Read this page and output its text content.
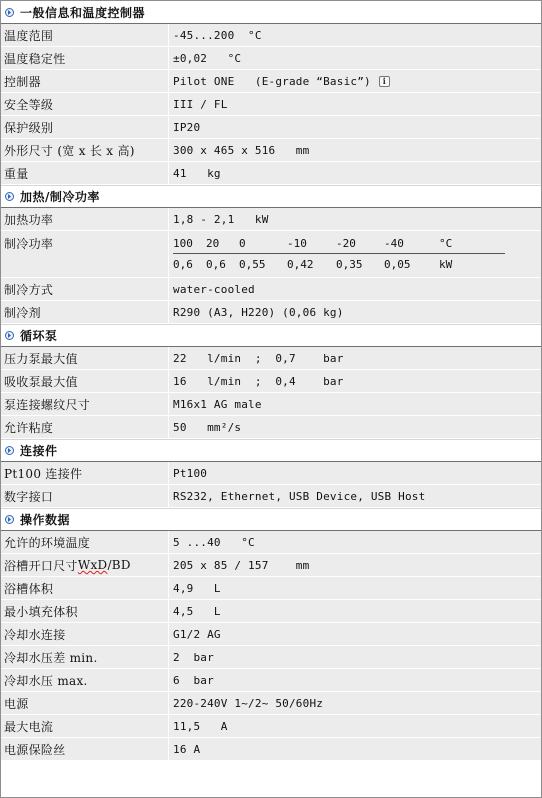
一般信息和温度控制器
温度范围	-45...200  °C
温度稳定性	±0,02   °C
控制器	Pilot ONE   (E-grade “Basic”)	i
安全等级	III / FL
保护级别	IP20
外形尺寸 (宽 x 长 x 高)	300 x 465 x 516   mm
重量	41   kg
加热/制冷功率
加热功率	1,8 - 2,1   kW
制冷功率	100	20	0	-10	-20	-40	°C
0,6	0,6	0,55	0,42	0,35	0,05	kW
制冷方式	water-cooled
制冷剂	R290 (A3, H220) (0,06 kg)
循环泵
压力泵最大值	22   l/min  ;  0,7    bar
吸收泵最大值	16   l/min  ;  0,4    bar
泵连接螺纹尺寸	M16x1 AG male
允许粘度	50   mm²/s
连接件
Pt100 连接件	Pt100
数字接口	RS232, Ethernet, USB Device, USB Host
操作数据
允许的环境温度	5 ...40   °C
浴槽开口尺寸 WxD /BD	205 x 85 / 157    mm
浴槽体积	4,9   L
最小填充体积	4,5   L
冷却水连接	G1/2 AG
冷却水压差 min.	2  bar
冷却水压 max.	6  bar
电源	220-240V 1~/2~ 50/60Hz
最大电流	11,5   A
电源保险丝	16 A
